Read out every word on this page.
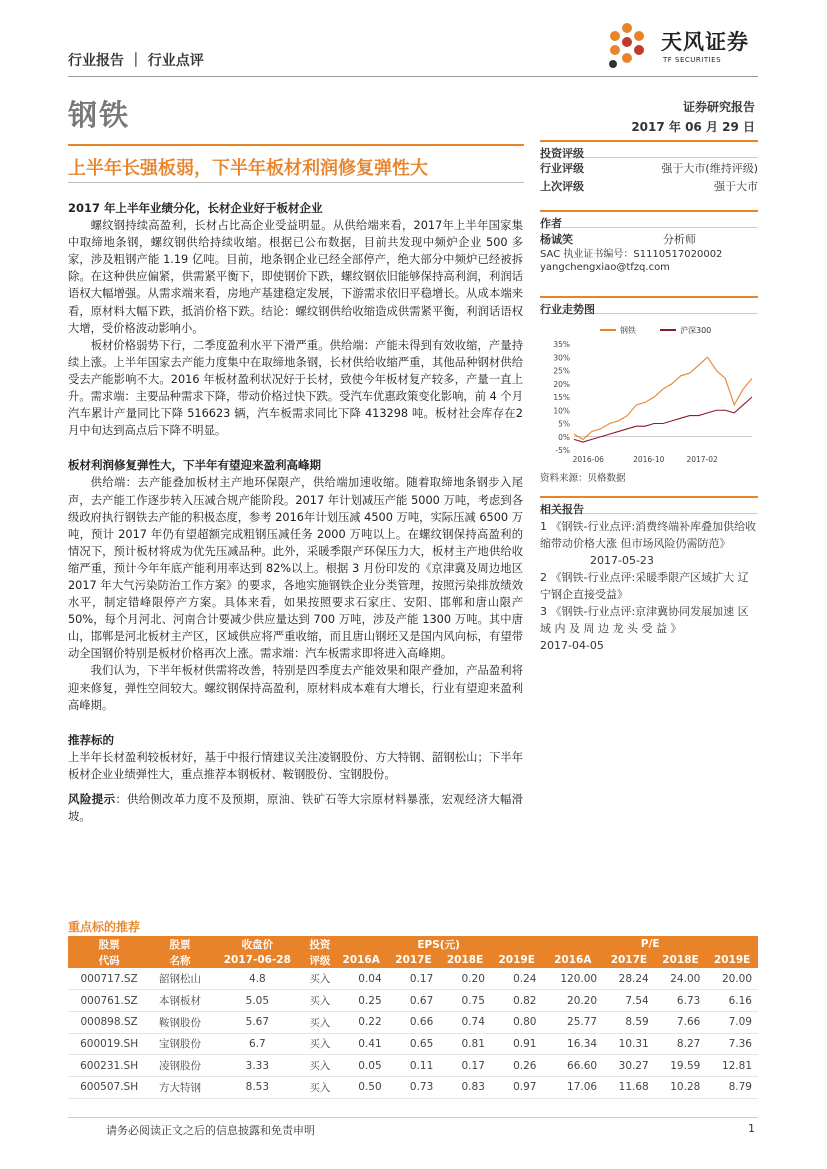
天风证券
TF SECURITIES
行业报告 ｜ 行业点评
钢铁	证券研究报告
2017 年 06 月 29 日
上半年长强板弱，下半年板材利润修复弹性大
2017 年上半年业绩分化，长材企业好于板材企业
螺纹钢持续高盈利，长材占比高企业受益明显。从供给端来看，2017年上半年国家集中取缔地条钢，螺纹钢供给持续收缩。根据已公布数据，目前共发现中频炉企业 500 多家，涉及粗钢产能 1.19 亿吨。目前，地条钢企业已经全部停产，绝大部分中频炉已经被拆除。在这种供应偏紧，供需紧平衡下，即使钢价下跌，螺纹钢依旧能够保持高利润，利润话语权大幅增强。从需求端来看，房地产基建稳定发展，下游需求依旧平稳增长。从成本端来看，原材料大幅下跌，抵消价格下跌。结论：螺纹钢供给收缩造成供需紧平衡，利润话语权大增，受价格波动影响小。
板材价格弱势下行，二季度盈利水平下滑严重。供给端：产能未得到有效收缩，产量持续上涨。上半年国家去产能力度集中在取缔地条钢，长材供给收缩严重，其他品种钢材供给受去产能影响不大。2016 年板材盈利状况好于长材，致使今年板材复产较多，产量一直上升。需求端：主要品种需求下降，带动价格过快下跌。受汽车优惠政策变化影响，前 4 个月汽车累计产量同比下降 516623 辆，汽车板需求同比下降 413298 吨。板材社会库存在2 月中旬达到高点后下降不明显。
板材利润修复弹性大，下半年有望迎来盈利高峰期
供给端：去产能叠加板材主产地环保限产，供给端加速收缩。随着取缔地条钢步入尾声，去产能工作逐步转入压减合规产能阶段。2017 年计划减压产能 5000 万吨，考虑到各级政府执行钢铁去产能的积极态度，参考 2016年计划压减 4500 万吨，实际压减 6500 万吨，预计 2017 年仍有望超额完成粗钢压减任务 2000 万吨以上。在螺纹钢保持高盈利的情况下，预计板材将成为优先压减品种。此外，采暖季限产环保压力大，板材主产地供给收缩严重，预计今年年底产能利用率达到 82%以上。根据 3 月份印发的《京津冀及周边地区 2017 年大气污染防治工作方案》的要求，各地实施钢铁企业分类管理，按照污染排放绩效水平，制定错峰限停产方案。具体来看，如果按照要求石家庄、安阳、邯郸和唐山限产 50%，每个月河北、河南合计要减少供应量达到 700 万吨，涉及产能 1300 万吨。其中唐山，邯郸是河北板材主产区，区域供应将严重收缩，而且唐山钢坯又是国内风向标，有望带动全国钢价特别是板材价格再次上涨。需求端：汽车板需求即将进入高峰期。
我们认为，下半年板材供需将改善，特别是四季度去产能效果和限产叠加，产品盈利将迎来修复，弹性空间较大。螺纹钢保持高盈利，原材料成本难有大增长，行业有望迎来盈利高峰期。
推荐标的
上半年长材盈利较板材好，基于中报行情建议关注凌钢股份、方大特钢、韶钢松山；下半年板材企业业绩弹性大，重点推荐本钢板材、鞍钢股份、宝钢股份。
风险提示：供给侧改革力度不及预期，原油、铁矿石等大宗原材料暴涨，宏观经济大幅滑坡。
投资评级
行业评级	强于大市(维持评级)
上次评级	强于大市
作者
杨诚笑	分析师
SAC 执业证书编号：S1110517020002
yangchengxiao@tfzq.com
行业走势图
钢铁	沪深300
35%
30%
25%
20%
15%
10%
5%
0%
-5%
2016-06	2016-10	2017-02
资料来源：贝格数据
相关报告
1 《钢铁-行业点评:消费终端补库叠加供给收缩带动价格大涨 但市场风险仍需防范》
2017-05-23
2 《钢铁-行业点评:采暖季限产区域扩大 辽宁钢企直接受益》
3 《钢铁-行业点评:京津冀协同发展加速 区 域 内 及 周 边 龙 头 受 益 》
2017-04-05
重点标的推荐
股票	股票	收盘价	投资	EPS(元)				P/E			
代码	名称	2017-06-28	评级	2016A	2017E	2018E	2019E	2016A	2017E	2018E	2019E
000717.SZ	韶钢松山	4.8	买入	0.04	0.17	0.20	0.24	120.00	28.24	24.00	20.00
000761.SZ	本钢板材	5.05	买入	0.25	0.67	0.75	0.82	20.20	7.54	6.73	6.16
000898.SZ	鞍钢股份	5.67	买入	0.22	0.66	0.74	0.80	25.77	8.59	7.66	7.09
600019.SH	宝钢股份	6.7	买入	0.41	0.65	0.81	0.91	16.34	10.31	8.27	7.36
600231.SH	凌钢股份	3.33	买入	0.05	0.11	0.17	0.26	66.60	30.27	19.59	12.81
600507.SH	方大特钢	8.53	买入	0.50	0.73	0.83	0.97	17.06	11.68	10.28	8.79
请务必阅读正文之后的信息披露和免责申明	1
